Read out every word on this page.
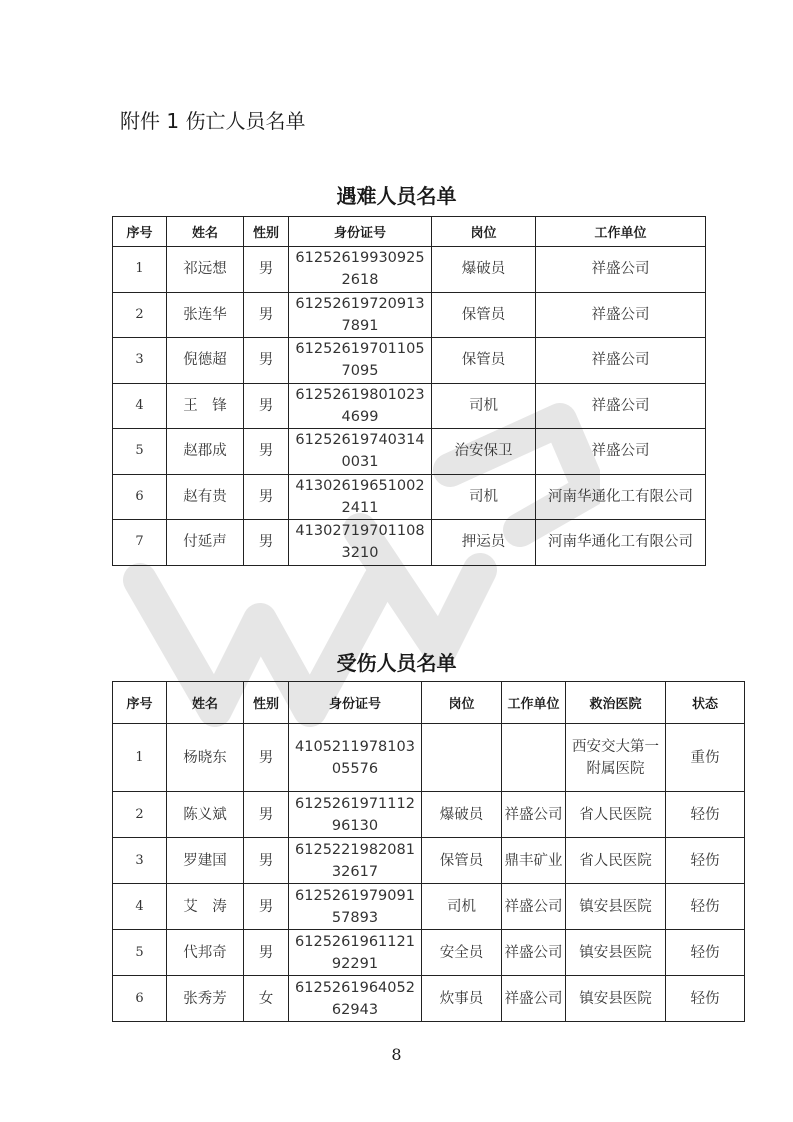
附件 1 伤亡人员名单
遇难人员名单
序号	姓名	性别	身份证号	岗位	工作单位
1	祁远想	男	612526199309252618	爆破员	祥盛公司
2	张连华	男	612526197209137891	保管员	祥盛公司
3	倪德超	男	612526197011057095	保管员	祥盛公司
4	王　锋	男	612526198010234699	司机	祥盛公司
5	赵郡成	男	612526197403140031	治安保卫	祥盛公司
6	赵有贵	男	413026196510022411	司机	河南华通化工有限公司
7	付延声	男	413027197011083210	押运员	河南华通化工有限公司
受伤人员名单
序号	姓名	性别	身份证号	岗位	工作单位	救治医院	状态
1	杨晓东	男	410521197810305576			西安交大第一附属医院	重伤
2	陈义斌	男	612526197111296130	爆破员	祥盛公司	省人民医院	轻伤
3	罗建国	男	612522198208132617	保管员	鼎丰矿业	省人民医院	轻伤
4	艾　涛	男	612526197909157893	司机	祥盛公司	镇安县医院	轻伤
5	代邦奇	男	612526196112192291	安全员	祥盛公司	镇安县医院	轻伤
6	张秀芳	女	612526196405262943	炊事员	祥盛公司	镇安县医院	轻伤
8
